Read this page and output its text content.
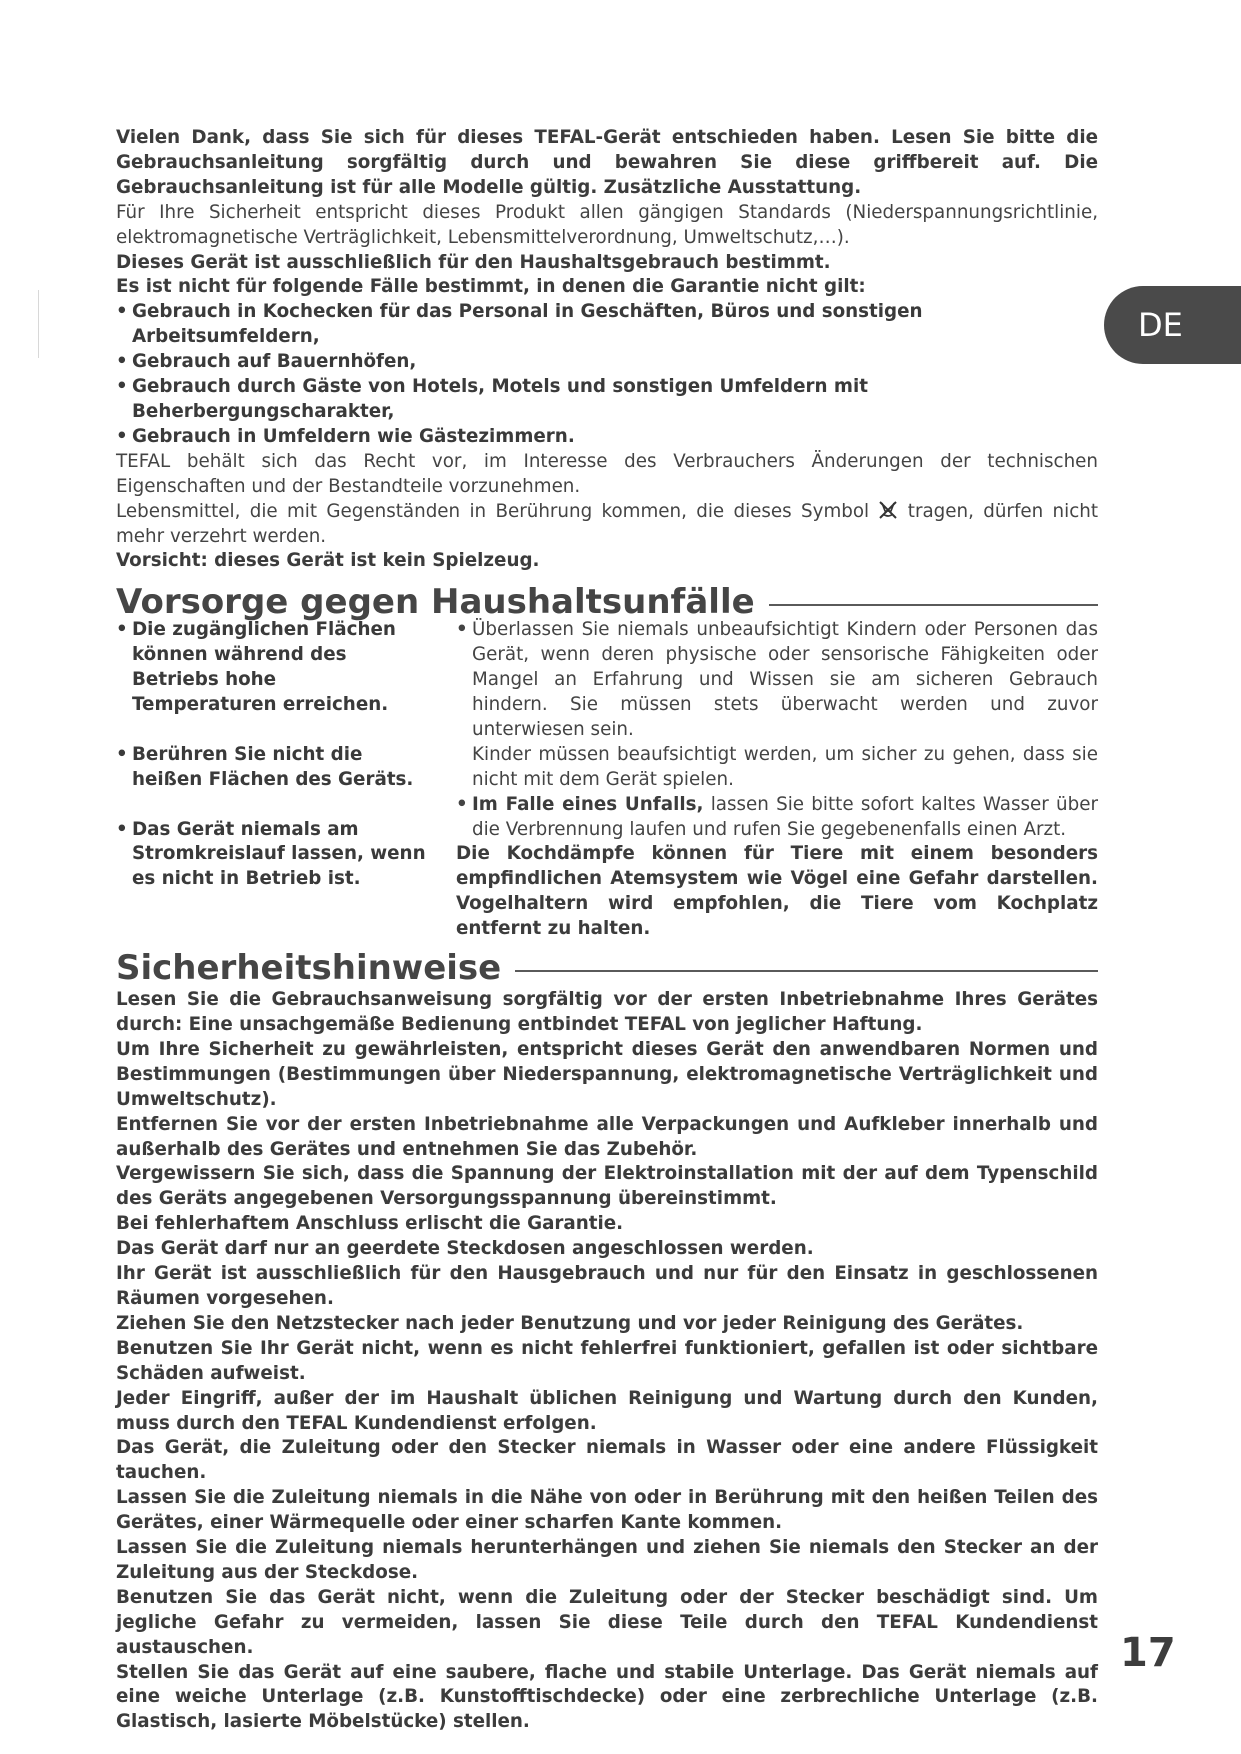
DE

Vielen Dank, dass Sie sich für dieses TEFAL-Gerät entschieden haben. Lesen Sie bitte die Gebrauchsanleitung sorgfältig durch und bewahren Sie diese griffbereit auf. Die Gebrauchsanleitung ist für alle Modelle gültig. Zusätzliche Ausstattung.

Für Ihre Sicherheit entspricht dieses Produkt allen gängigen Standards (Niederspannungsrichtlinie, elektromagnetische Verträglichkeit, Lebensmittelverordnung, Umweltschutz,…).

Dieses Gerät ist ausschließlich für den Haushaltsgebrauch bestimmt.

Es ist nicht für folgende Fälle bestimmt, in denen die Garantie nicht gilt:

• Gebrauch in Kochecken für das Personal in Geschäften, Büros und sonstigen Arbeitsumfeldern,
• Gebrauch auf Bauernhöfen,
• Gebrauch durch Gäste von Hotels, Motels und sonstigen Umfeldern mit Beherbergungscharakter,
• Gebrauch in Umfeldern wie Gästezimmern.

TEFAL behält sich das Recht vor, im Interesse des Verbrauchers Änderungen der technischen Eigenschaften und der Bestandteile vorzunehmen.

Lebensmittel, die mit Gegenständen in Berührung kommen, die dieses Symbol tragen, dürfen nicht mehr verzehrt werden.

Vorsicht: dieses Gerät ist kein Spielzeug.

Vorsorge gegen Haushaltsunfälle
• Die zugänglichen Flächen können während des Betriebs hohe Temperaturen erreichen.
• Berühren Sie nicht die heißen Flächen des Geräts.
• Das Gerät niemals am Stromkreislauf lassen, wenn es nicht in Betrieb ist.

• Überlassen Sie niemals unbeaufsichtigt Kindern oder Personen das Gerät, wenn deren physische oder sensorische Fähigkeiten oder Mangel an Erfahrung und Wissen sie am sicheren Gebrauch hindern. Sie müssen stets überwacht werden und zuvor unterwiesen sein.

Kinder müssen beaufsichtigt werden, um sicher zu gehen, dass sie nicht mit dem Gerät spielen.

• Im Falle eines Unfalls, lassen Sie bitte sofort kaltes Wasser über die Verbrennung laufen und rufen Sie gegebenenfalls einen Arzt.

Die Kochdämpfe können für Tiere mit einem besonders empfindlichen Atemsystem wie Vögel eine Gefahr darstellen. Vogelhaltern wird empfohlen, die Tiere vom Kochplatz entfernt zu halten.

Sicherheitshinweise

Lesen Sie die Gebrauchsanweisung sorgfältig vor der ersten Inbetriebnahme Ihres Gerätes durch: Eine unsachgemäße Bedienung entbindet TEFAL von jeglicher Haftung.

Um Ihre Sicherheit zu gewährleisten, entspricht dieses Gerät den anwendbaren Normen und Bestimmungen (Bestimmungen über Niederspannung, elektromagnetische Verträglichkeit und Umweltschutz).

Entfernen Sie vor der ersten Inbetriebnahme alle Verpackungen und Aufkleber innerhalb und außerhalb des Gerätes und entnehmen Sie das Zubehör.

Vergewissern Sie sich, dass die Spannung der Elektroinstallation mit der auf dem Typenschild des Geräts angegebenen Versorgungsspannung übereinstimmt.

Bei fehlerhaftem Anschluss erlischt die Garantie.

Das Gerät darf nur an geerdete Steckdosen angeschlossen werden.

Ihr Gerät ist ausschließlich für den Hausgebrauch und nur für den Einsatz in geschlossenen Räumen vorgesehen.

Ziehen Sie den Netzstecker nach jeder Benutzung und vor jeder Reinigung des Gerätes.

Benutzen Sie Ihr Gerät nicht, wenn es nicht fehlerfrei funktioniert, gefallen ist oder sichtbare Schäden aufweist.

Jeder Eingriff, außer der im Haushalt üblichen Reinigung und Wartung durch den Kunden, muss durch den TEFAL Kundendienst erfolgen.

Das Gerät, die Zuleitung oder den Stecker niemals in Wasser oder eine andere Flüssigkeit tauchen.

Lassen Sie die Zuleitung niemals in die Nähe von oder in Berührung mit den heißen Teilen des Gerätes, einer Wärmequelle oder einer scharfen Kante kommen.

Lassen Sie die Zuleitung niemals herunterhängen und ziehen Sie niemals den Stecker an der Zuleitung aus der Steckdose.

Benutzen Sie das Gerät nicht, wenn die Zuleitung oder der Stecker beschädigt sind. Um jegliche Gefahr zu vermeiden, lassen Sie diese Teile durch den TEFAL Kundendienst austauschen.

Stellen Sie das Gerät auf eine saubere, flache und stabile Unterlage. Das Gerät niemals auf eine weiche Unterlage (z.B. Kunstofftischdecke) oder eine zerbrechliche Unterlage (z.B. Glastisch, lasierte Möbelstücke) stellen.

17
